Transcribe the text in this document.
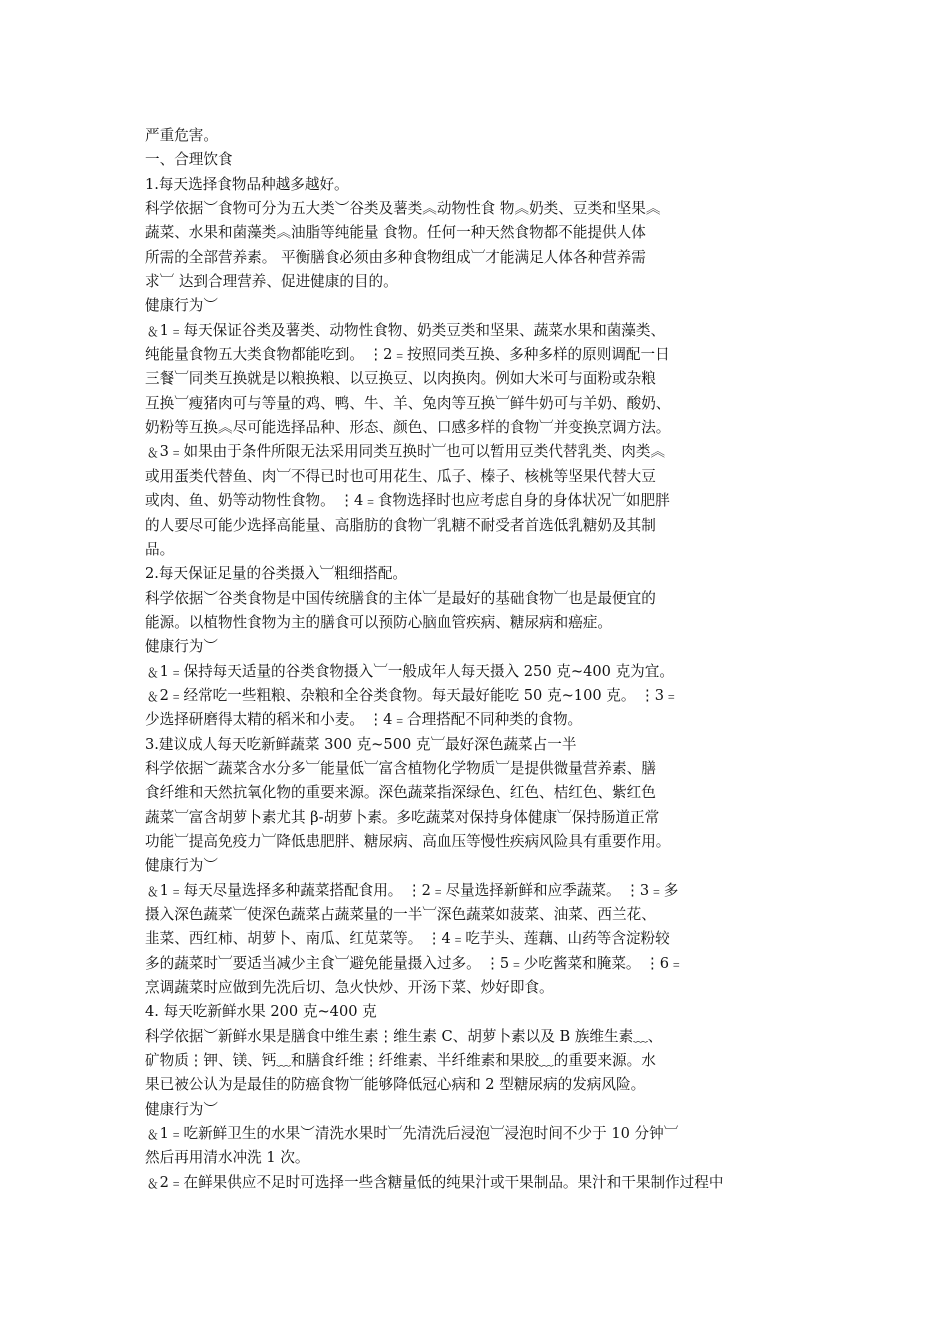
严重危害。
一、合理饮食
1.每天选择食物品种越多越好。
科学依据︶食物可分为五大类︶谷类及薯类︽动物性食 物︽奶类、豆类和坚果︽
蔬菜、水果和菌藻类︽油脂等纯能量 食物。任何一种天然食物都不能提供人体
所需的全部营养素。 平衡膳食必须由多种食物组成︺才能满足人体各种营养需
求︺ 达到合理营养、促进健康的目的。
健康行为︶
﹠1﹦每天保证谷类及薯类、动物性食物、奶类豆类和坚果、蔬菜水果和菌藻类、
纯能量食物五大类食物都能吃到。 ⋮2﹦按照同类互换、多种多样的原则调配一日
三餐︺同类互换就是以粮换粮、以豆换豆、以肉换肉。例如大米可与面粉或杂粮
互换︺瘦猪肉可与等量的鸡、鸭、牛、羊、兔肉等互换︺鲜牛奶可与羊奶、酸奶、
奶粉等互换︽尽可能选择品种、形态、颜色、口感多样的食物︺并变换烹调方法。
﹠3﹦如果由于条件所限无法采用同类互换时︺也可以暂用豆类代替乳类、肉类︽
或用蛋类代替鱼、肉︺不得已时也可用花生、瓜子、榛子、核桃等坚果代替大豆
或肉、鱼、奶等动物性食物。 ⋮4﹦食物选择时也应考虑自身的身体状况︺如肥胖
的人要尽可能少选择高能量、高脂肪的食物︺乳糖不耐受者首选低乳糖奶及其制
品。
2.每天保证足量的谷类摄入︺粗细搭配。
科学依据︶谷类食物是中国传统膳食的主体︺是最好的基础食物︺也是最便宜的
能源。以植物性食物为主的膳食可以预防心脑血管疾病、糖尿病和癌症。
健康行为︶
﹠1﹦保持每天适量的谷类食物摄入︺一般成年人每天摄入 250 克~400 克为宜。
﹠2﹦经常吃一些粗粮、杂粮和全谷类食物。每天最好能吃 50 克~100 克。 ⋮3﹦
少选择研磨得太精的稻米和小麦。 ⋮4﹦合理搭配不同种类的食物。
3.建议成人每天吃新鲜蔬菜 300 克~500 克︺最好深色蔬菜占一半
科学依据︶蔬菜含水分多︺能量低︺富含植物化学物质︺是提供微量营养素、膳
食纤维和天然抗氧化物的重要来源。深色蔬菜指深绿色、红色、桔红色、紫红色
蔬菜︺富含胡萝卜素尤其 β-胡萝卜素。多吃蔬菜对保持身体健康︺保持肠道正常
功能︺提高免疫力︺降低患肥胖、糖尿病、高血压等慢性疾病风险具有重要作用。
健康行为︶
﹠1﹦每天尽量选择多种蔬菜搭配食用。 ⋮2﹦尽量选择新鲜和应季蔬菜。 ⋮3﹦多
摄入深色蔬菜︺使深色蔬菜占蔬菜量的一半︺深色蔬菜如菠菜、油菜、西兰花、
韭菜、西红柿、胡萝卜、南瓜、红苋菜等。 ⋮4﹦吃芋头、莲藕、山药等含淀粉较
多的蔬菜时︺要适当减少主食︺避免能量摄入过多。 ⋮5﹦少吃酱菜和腌菜。 ⋮6﹦
烹调蔬菜时应做到先洗后切、急火快炒、开汤下菜、炒好即食。
4. 每天吃新鲜水果 200 克~400 克
科学依据︶新鲜水果是膳食中维生素⋮维生素 C、胡萝卜素以及 B 族维生素﹏、
矿物质⋮钾、镁、钙﹏和膳食纤维⋮纤维素、半纤维素和果胶﹏的重要来源。水
果已被公认为是最佳的防癌食物︺能够降低冠心病和 2 型糖尿病的发病风险。
健康行为︶
﹠1﹦吃新鲜卫生的水果︶清洗水果时︺先清洗后浸泡︺浸泡时间不少于 10 分钟︺
然后再用清水冲洗 1 次。
﹠2﹦在鲜果供应不足时可选择一些含糖量低的纯果汁或干果制品。果汁和干果制作过程中
